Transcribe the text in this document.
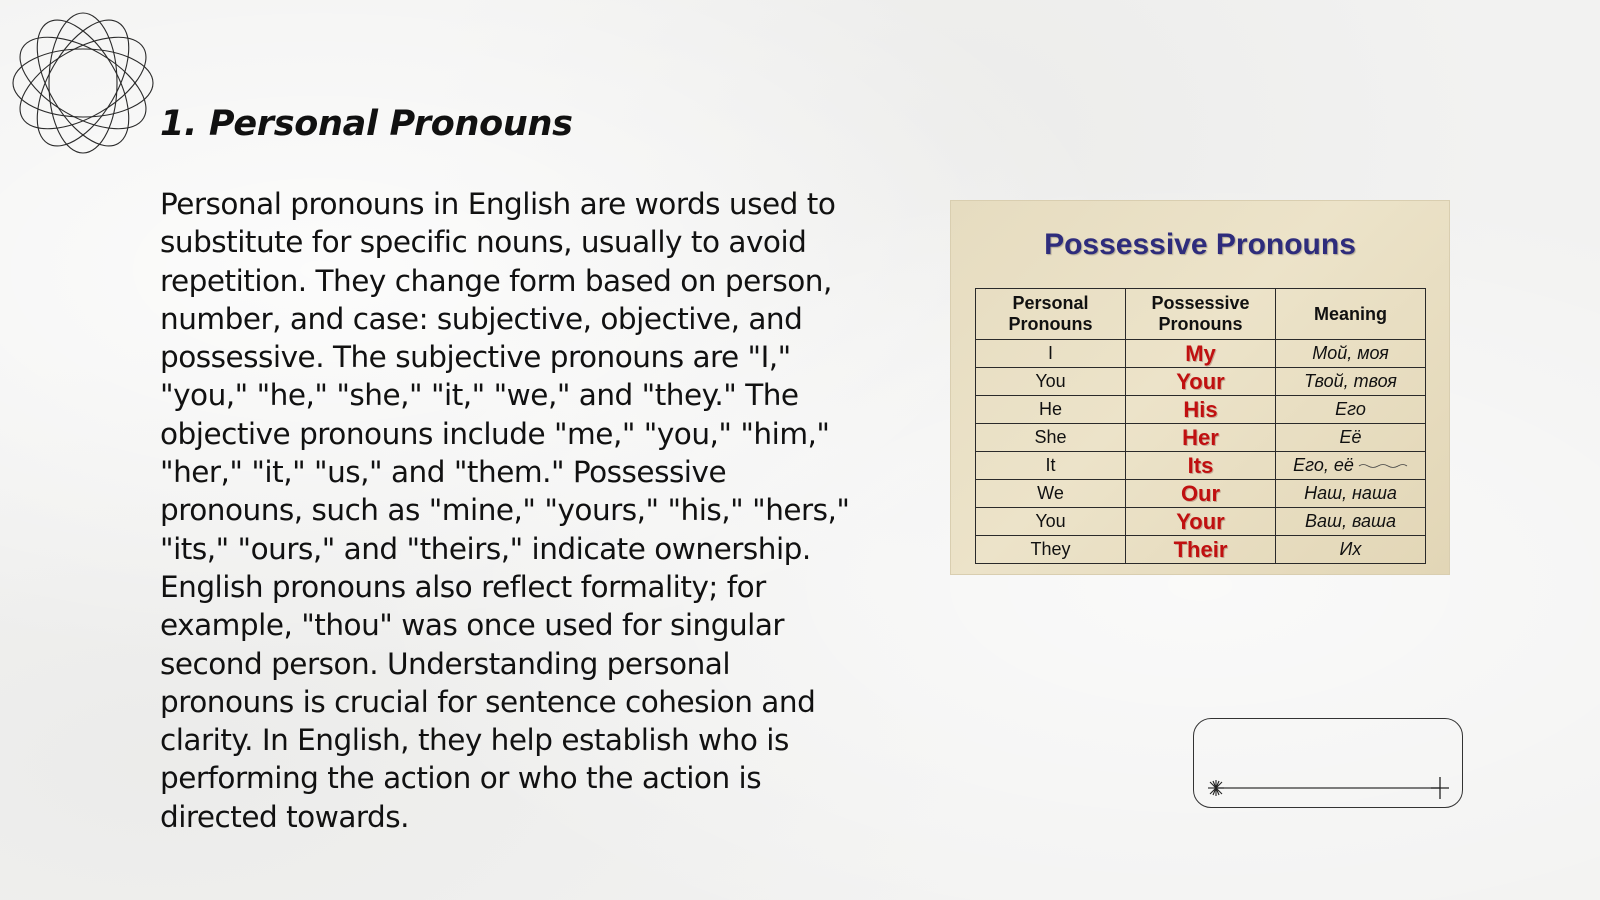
1. Personal Pronouns

Personal pronouns in English are words used to substitute for specific nouns, usually to avoid repetition. They change form based on person, number, and case: subjective, objective, and possessive. The subjective pronouns are "I," "you," "he," "she," "it," "we," and "they." The objective pronouns include "me," "you," "him," "her," "it," "us," and "them." Possessive pronouns, such as "mine," "yours," "his," "hers," "its," "ours," and "theirs," indicate ownership. English pronouns also reflect formality; for example, "thou" was once used for singular second person. Understanding personal pronouns is crucial for sentence cohesion and clarity. In English, they help establish who is performing the action or who the action is directed towards.

Possessive Pronouns
Personal Pronouns	Possessive Pronouns	Meaning
I	My	Мой, моя
You	Your	Твой, твоя
He	His	Его
She	Her	Её
It	Its	Его, её
We	Our	Наш, наша
You	Your	Ваш, ваша
They	Their	Их
